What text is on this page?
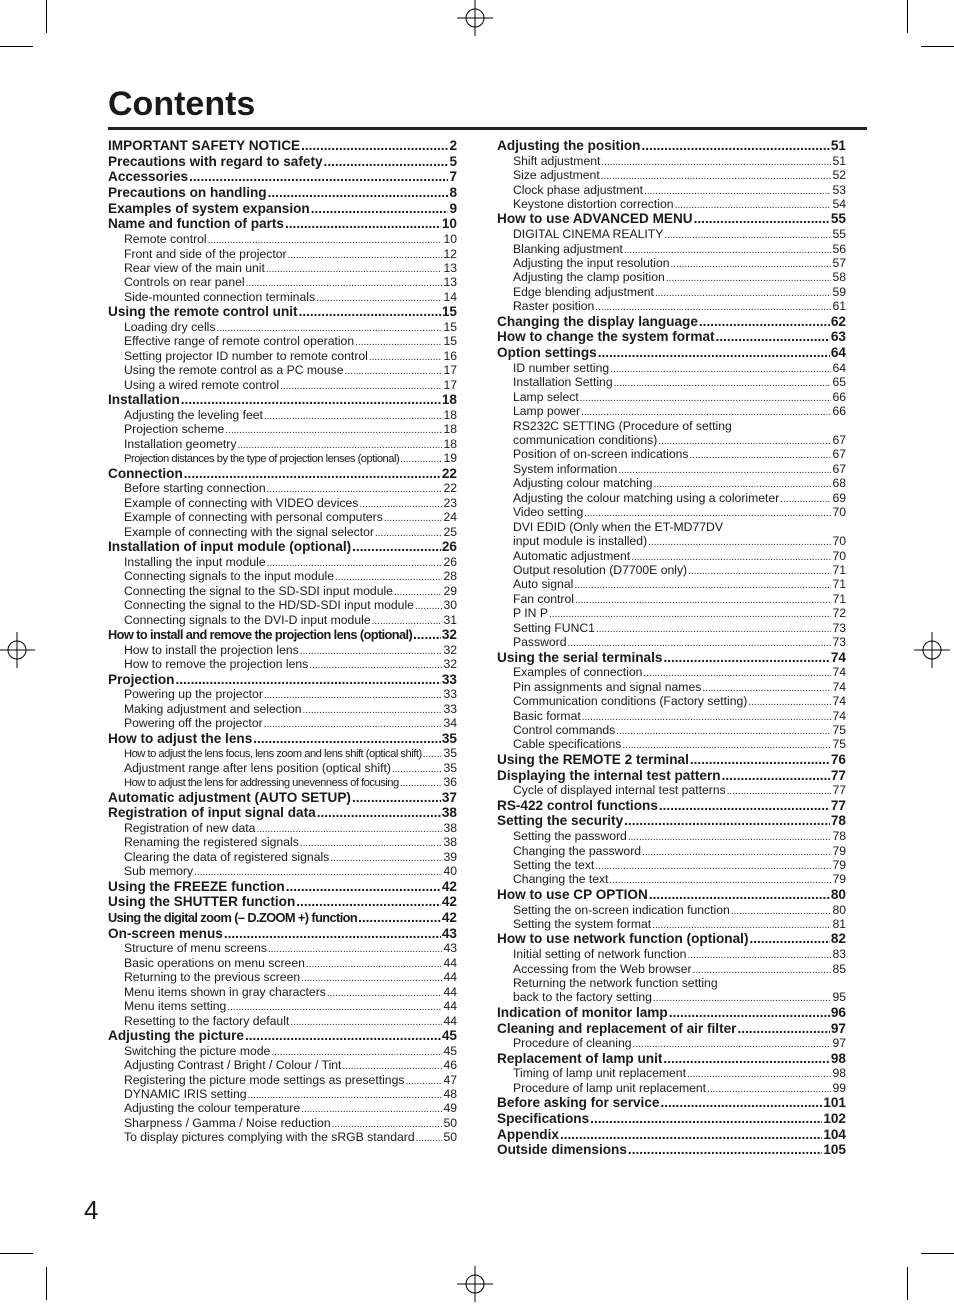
Contents
IMPORTANT SAFETY NOTICE .....	2
Precautions with regard to safety .....	5
Accessories .....	7
Precautions on handling .....	8
Examples of system expansion .....	9
Name and function of parts .....	10
Remote control .....	10
Front and side of the projector .....	12
Rear view of the main unit .....	13
Controls on rear panel .....	13
Side-mounted connection terminals .....	14
Using the remote control unit .....	15
Loading dry cells .....	15
Effective range of remote control operation .....	15
Setting projector ID number to remote control .....	16
Using the remote control as a PC mouse .....	17
Using a wired remote control .....	17
Installation .....	18
Adjusting the leveling feet .....	18
Projection scheme .....	18
Installation geometry .....	18
Projection distances by the type of projection lenses (optional) .....	19
Connection .....	22
Before starting connection .....	22
Example of connecting with VIDEO devices .....	23
Example of connecting with personal computers .....	24
Example of connecting with the signal selector .....	25
Installation of input module (optional) .....	26
Installing the input module .....	26
Connecting signals to the input module .....	28
Connecting the signal to the SD-SDI input module .....	29
Connecting the signal to the HD/SD-SDI input module ..... 30
Connecting signals to the DVI-D input module .....	31
How to install and remove the projection lens (optional) ..... 32
How to install the projection lens .....	32
How to remove the projection lens .....	32
Projection .....	33
Powering up the projector .....	33
Making adjustment and selection .....	33
Powering off the projector .....	34
How to adjust the lens .....	35
How to adjust the lens focus, lens zoom and lens shift (optical shift) ..... 35
Adjustment range after lens position (optical shift) .....	35
How to adjust the lens for addressing unevenness of focusing .....	36
Automatic adjustment (AUTO SETUP) .....	37
Registration of input signal data .....	38
Registration of new data .....	38
Renaming the registered signals .....	38
Clearing the data of registered signals .....	39
Sub memory .....	40
Using the FREEZE function .....	42
Using the SHUTTER function .....	42
Using the digital zoom (– D.ZOOM +) function .....	42
On-screen menus .....	43
Structure of menu screens .....	43
Basic operations on menu screen .....	44
Returning to the previous screen .....	44
Menu items shown in gray characters .....	44
Menu items setting .....	44
Resetting to the factory default .....	44
Adjusting the picture .....	45
Switching the picture mode .....	45
Adjusting Contrast / Bright / Colour / Tint .....	46
Registering the picture mode settings as presettings .....	47
DYNAMIC IRIS setting .....	48
Adjusting the colour temperature .....	49
Sharpness / Gamma / Noise reduction .....	50
To display pictures complying with the sRGB standard ..... 50
Adjusting the position .....	51
Shift adjustment .....	51
Size adjustment .....	52
Clock phase adjustment .....	53
Keystone distortion correction .....	54
How to use ADVANCED MENU .....	55
DIGITAL CINEMA REALITY .....	55
Blanking adjustment .....	56
Adjusting the input resolution .....	57
Adjusting the clamp position .....	58
Edge blending adjustment .....	59
Raster position .....	61
Changing the display language .....	62
How to change the system format .....	63
Option settings .....	64
ID number setting .....	64
Installation Setting .....	65
Lamp select .....	66
Lamp power .....	66
RS232C SETTING (Procedure of setting
communication conditions) .....	67
Position of on-screen indications .....	67
System information .....	67
Adjusting colour matching .....	68
Adjusting the colour matching using a colorimeter .....	69
Video setting .....	70
DVI EDID (Only when the ET-MD77DV
input module is installed) .....	70
Automatic adjustment .....	70
Output resolution (D7700E only) .....	71
Auto signal .....	71
Fan control .....	71
P IN P .....	72
Setting FUNC1 .....	73
Password .....	73
Using the serial terminals .....	74
Examples of connection .....	74
Pin assignments and signal names .....	74
Communication conditions (Factory setting) .....	74
Basic format .....	74
Control commands .....	75
Cable specifications .....	75
Using the REMOTE 2 terminal .....	76
Displaying the internal test pattern .....	77
Cycle of displayed internal test patterns .....	77
RS-422 control functions .....	77
Setting the security .....	78
Setting the password .....	78
Changing the password .....	79
Setting the text .....	79
Changing the text .....	79
How to use CP OPTION .....	80
Setting the on-screen indication function .....	80
Setting the system format .....	81
How to use network function (optional) .....	82
Initial setting of network function .....	83
Accessing from the Web browser .....	85
Returning the network function setting
back to the factory setting .....	95
Indication of monitor lamp .....	96
Cleaning and replacement of air filter .....	97
Procedure of cleaning .....	97
Replacement of lamp unit .....	98
Timing of lamp unit replacement .....	98
Procedure of lamp unit replacement .....	99
Before asking for service .....	101
Specifications .....	102
Appendix .....	104
Outside dimensions .....	105

4
